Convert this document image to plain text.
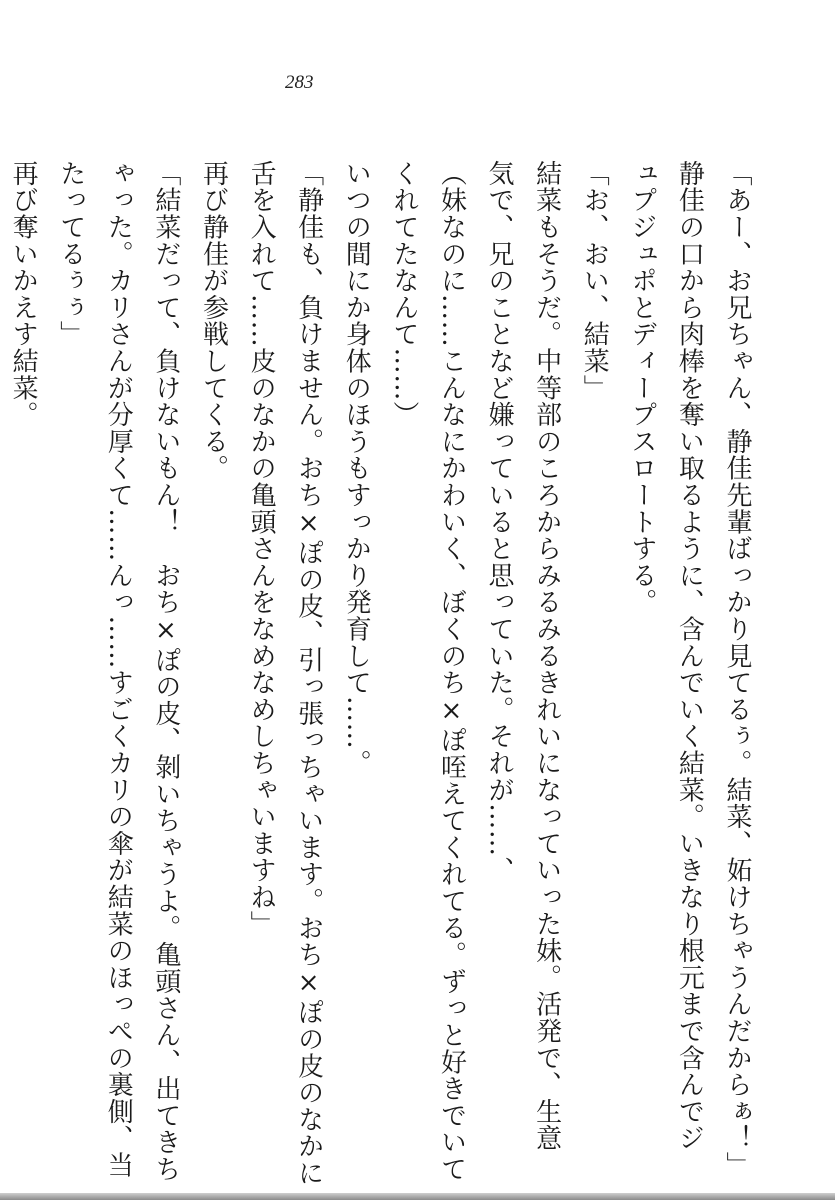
283
「あー、お兄ちゃん、静佳先輩ばっかり見てるぅ。結菜、妬けちゃうんだからぁ！」
静佳の口から肉棒を奪い取るように、含んでいく結菜。いきなり根元まで含んでジ
ュプジュポとディープスロートする。
「お、おい、結菜」
結菜もそうだ。中等部のころからみるみるきれいになっていった妹。活発で、生意
気で、兄のことなど嫌っていると思っていた。それが……、
（妹なのに……こんなにかわいく、ぼくのち×ぽ咥えてくれてる。ずっと好きでいて
くれてたなんて……）
いつの間にか身体のほうもすっかり発育して……。
「静佳も、負けません。おち×ぽの皮、引っ張っちゃいます。おち×ぽの皮のなかに
舌を入れて……皮のなかの亀頭さんをなめなめしちゃいますね」
再び静佳が参戦してくる。
「結菜だって、負けないもん！　おち×ぽの皮、剝いちゃうよ。亀頭さん、出てきち
ゃった。カリさんが分厚くて……んっ……すごくカリの傘が結菜のほっぺの裏側、当
たってるぅぅ」
再び奪いかえす結菜。
